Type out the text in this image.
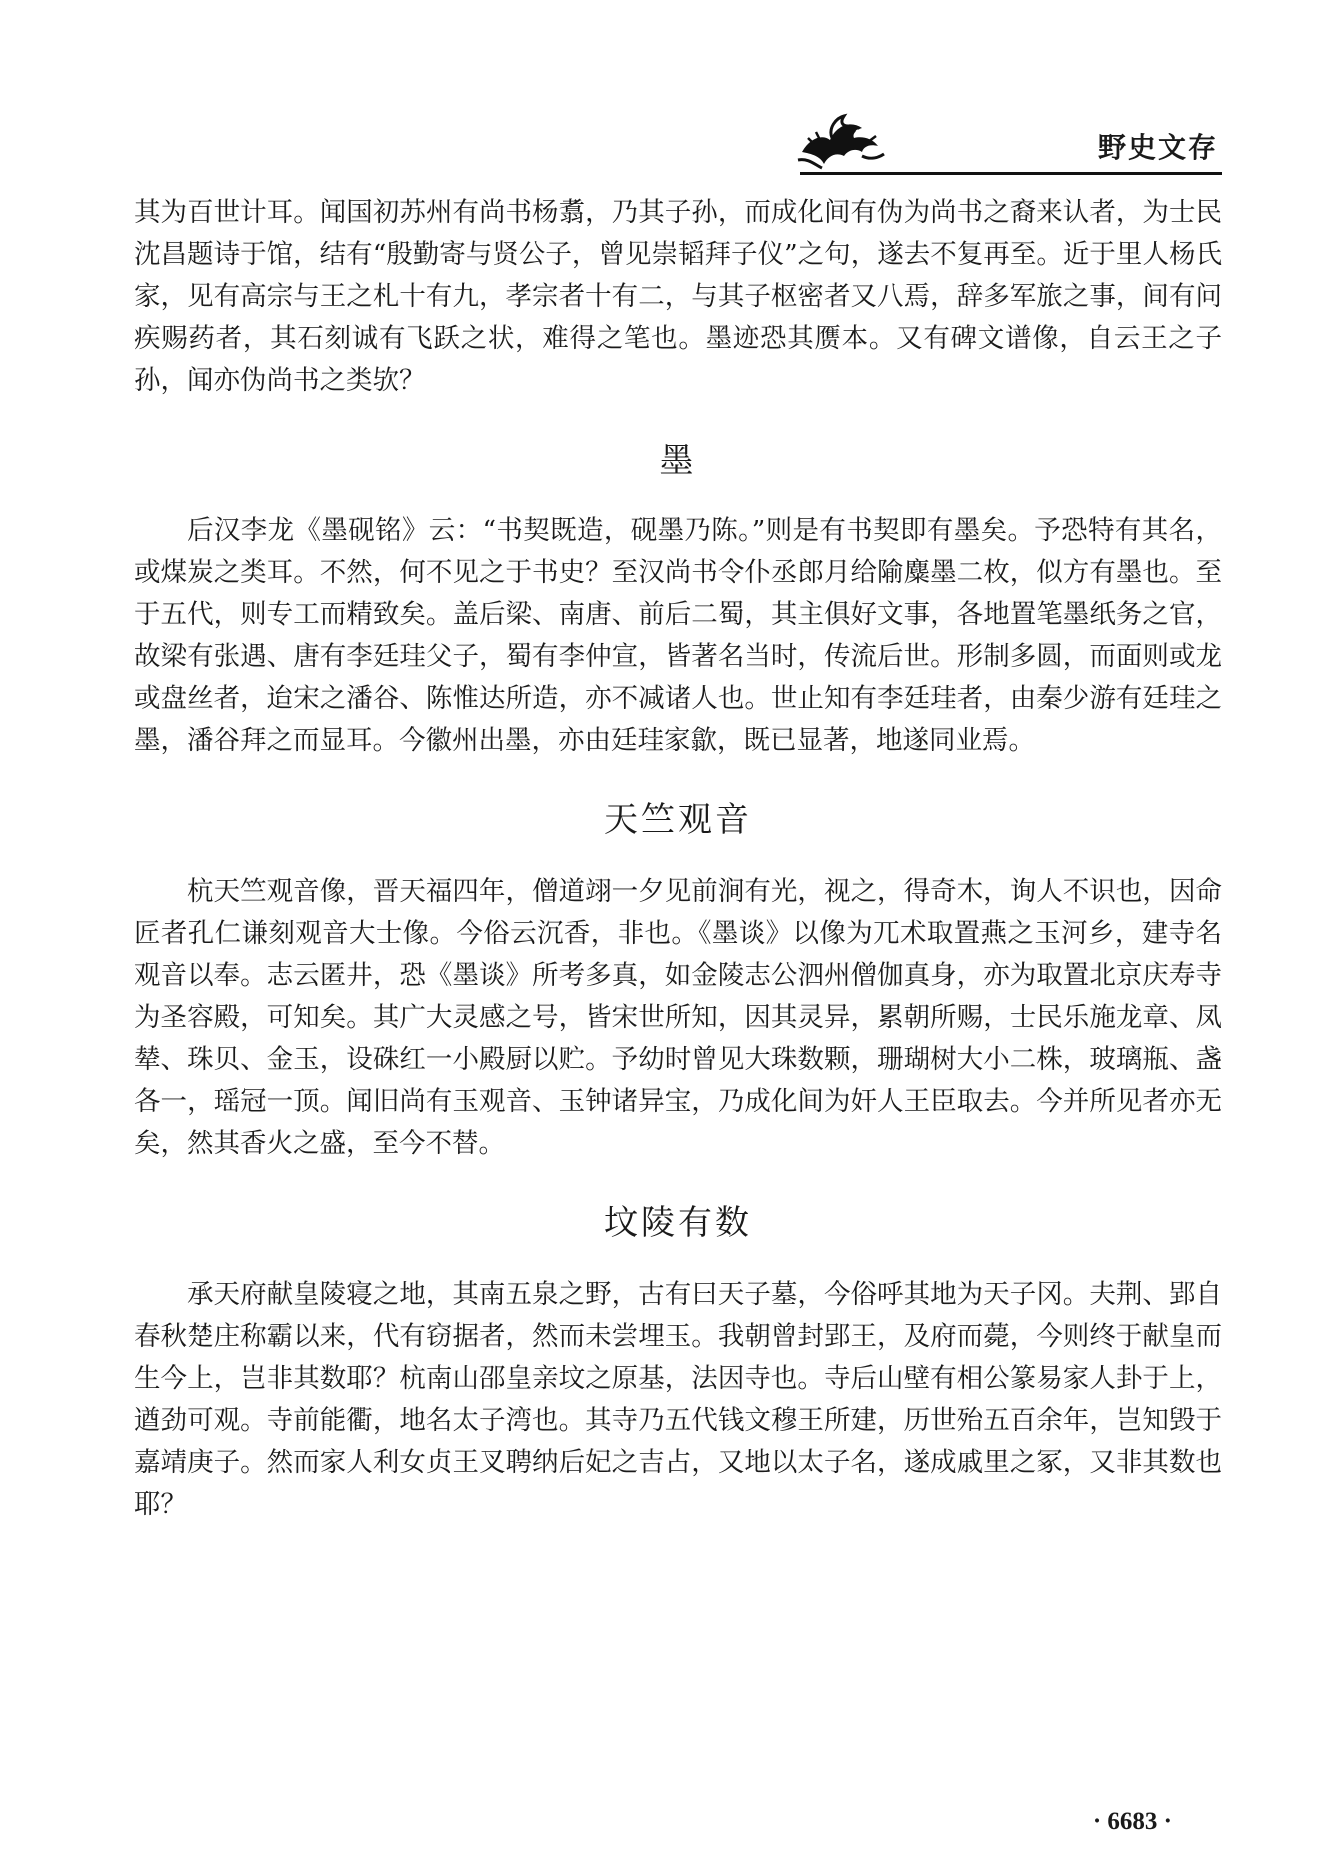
野史文存

其为百世计耳。闻国初苏州有尚书杨翥，乃其子孙，而成化间有伪为尚书之裔来认者，为士民沈昌题诗于馆，结有“殷勤寄与贤公子，曾见崇韬拜子仪”之句，遂去不复再至。近于里人杨氏家，见有高宗与王之札十有九，孝宗者十有二，与其子枢密者又八焉，辞多军旅之事，间有问疾赐药者，其石刻诚有飞跃之状，难得之笔也。墨迹恐其赝本。又有碑文谱像，自云王之子孙，闻亦伪尚书之类欤？

墨

后汉李龙《墨砚铭》云：“书契既造，砚墨乃陈。”则是有书契即有墨矣。予恐特有其名，或煤炭之类耳。不然，何不见之于书史？至汉尚书令仆丞郎月给隃麋墨二枚，似方有墨也。至于五代，则专工而精致矣。盖后梁、南唐、前后二蜀，其主俱好文事，各地置笔墨纸务之官，故梁有张遇、唐有李廷珪父子，蜀有李仲宣，皆著名当时，传流后世。形制多圆，而面则或龙或盘丝者，迨宋之潘谷、陈惟达所造，亦不减诸人也。世止知有李廷珪者，由秦少游有廷珪之墨，潘谷拜之而显耳。今徽州出墨，亦由廷珪家歙，既已显著，地遂同业焉。

天竺观音

杭天竺观音像，晋天福四年，僧道翊一夕见前涧有光，视之，得奇木，询人不识也，因命匠者孔仁谦刻观音大士像。今俗云沉香，非也。《墨谈》以像为兀术取置燕之玉河乡，建寺名观音以奉。志云匿井，恐《墨谈》所考多真，如金陵志公泗州僧伽真身，亦为取置北京庆寿寺为圣容殿，可知矣。其广大灵感之号，皆宋世所知，因其灵异，累朝所赐，士民乐施龙章、凤辇、珠贝、金玉，设硃红一小殿厨以贮。予幼时曾见大珠数颗，珊瑚树大小二株，玻璃瓶、盏各一，瑶冠一顶。闻旧尚有玉观音、玉钟诸异宝，乃成化间为奸人王臣取去。今并所见者亦无矣，然其香火之盛，至今不替。

坟陵有数

承天府献皇陵寝之地，其南五泉之野，古有曰天子墓，今俗呼其地为天子冈。夫荆、郢自春秋楚庄称霸以来，代有窃据者，然而未尝埋玉。我朝曾封郢王，及府而薨，今则终于献皇而生今上，岂非其数耶？杭南山邵皇亲坟之原基，法因寺也。寺后山壁有相公篆易家人卦于上，遒劲可观。寺前能衢，地名太子湾也。其寺乃五代钱文穆王所建，历世殆五百余年，岂知毁于嘉靖庚子。然而家人利女贞王叉聘纳后妃之吉占，又地以太子名，遂成戚里之冢，又非其数也耶？

· 6683 ·
